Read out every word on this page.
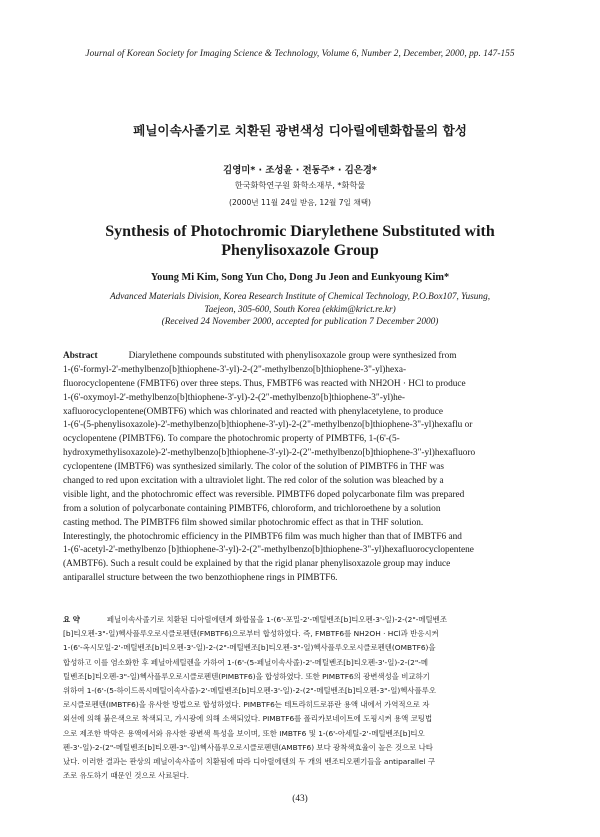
Journal of Korean Society for Imaging Science & Technology, Volume 6, Number 2, December, 2000, pp. 147-155
페닐이속사졸기로 치환된 광변색성 디아릴에텐화합물의 합성
김영미* · 조성윤 · 전동주* · 김은경*
한국화학연구원 화학소재부, *화학물
(2000년 11월 24일 받음, 12월 7일 채택)
Synthesis of Photochromic Diarylethene Substituted with
Phenylisoxazole Group
Young Mi Kim, Song Yun Cho, Dong Ju Jeon and Eunkyoung Kim*
Advanced Materials Division, Korea Research Institute of Chemical Technology, P.O.Box107, Yusung,
Taejeon, 305-600, South Korea (ekkim@krict.re.kr)
(Received 24 November 2000, accepted for publication 7 December 2000)
Abstract	Diarylethene compounds substituted with phenylisoxazole group were synthesized from
1-(6'-formyl-2'-methylbenzo[b]thiophene-3'-yl)-2-(2"-methylbenzo[b]thiophene-3"-yl)hexa-
fluorocyclopentene (FMBTF6) over three steps. Thus, FMBTF6 was reacted with NH2OH · HCl to produce
1-(6'-oxymoyl-2'-methylbenzo[b]thiophene-3'-yl)-2-(2"-methylbenzo[b]thiophene-3"-yl)he-
xafluorocyclopentene(OMBTF6) which was chlorinated and reacted with phenylacetylene, to produce
1-(6'-(5-phenylisoxazole)-2'-methylbenzo[b]thiophene-3'-yl)-2-(2"-methylbenzo[b]thiophene-3"-yl)hexaflu or
ocyclopentene (PIMBTF6). To compare the photochromic property of PIMBTF6, 1-(6'-(5-
hydroxymethylisoxazole)-2'-methylbenzo[b]thiophene-3'-yl)-2-(2"-methylbenzo[b]thiophene-3"-yl)hexafluoro
cyclopentene (IMBTF6) was synthesized similarly. The color of the solution of PIMBTF6 in THF was
changed to red upon excitation with a ultraviolet light. The red color of the solution was bleached by a
visible light, and the photochromic effect was reversible. PIMBTF6 doped polycarbonate film was prepared
from a solution of polycarbonate containing PIMBTF6, chloroform, and trichloroethene by a solution
casting method. The PIMBTF6 film showed similar photochromic effect as that in THF solution.
Interestingly, the photochromic efficiency in the PIMBTF6 film was much higher than that of IMBTF6 and
1-(6'-acetyl-2'-methylbenzo [b]thiophene-3'-yl)-2-(2"-methylbenzo[b]thiophene-3"-yl)hexafluorocyclopentene
(AMBTF6). Such a result could be explained by that the rigid planar phenylisoxazole group may induce
antiparallel structure between the two benzothiophene rings in PIMBTF6.
요 약	페닐이속사졸기로 치환된 디아릴에텐계 화합물을 1-(6'-포밀-2'-메틸벤조[b]티오펜-3'-일)-2-(2"-메틸벤조
[b]티오펜-3"-일)헥사플루오로시클로펜텐(FMBTF6)으로부터 합성하였다. 즉, FMBTF6를 NH2OH · HCl과 반응시켜
1-(6'-옥시모일-2'-메틸벤조[b]티오펜-3'-일)-2-(2"-메틸벤조[b]티오펜-3"-일)헥사플루오로시클로펜텐(OMBTF6)을
합성하고 이를 염소화한 후 페닐아세틸렌을 가하여 1-(6'-(5-페닐이속사졸)-2'-메틸벤조[b]티오펜-3'-일)-2-(2"-메
틸벤조[b]티오펜-3"-일)헥사플루오로시클로펜텐(PIMBTF6)을 합성하였다. 또한 PIMBTF6의 광변색성을 비교하기
위하여 1-(6'-(5-하이드록시메틸이속사졸)-2'-메틸벤조[b]티오펜-3'-일)-2-(2"-메틸벤조[b]티오펜-3"-일)헥사플루오
로시클로펜텐(IMBTF6)을 유사한 방법으로 합성하였다. PIMBTF6는 테트라히드로퓨란 용액 내에서 가역적으로 자
외선에 의해 붉은색으로 착색되고, 가시광에 의해 소색되었다. PIMBTF6를 폴리카보네이트에 도핑시켜 용액 코팅법
으로 제조한 박막은 용액에서와 유사한 광변색 특성을 보이며, 또한 IMBTF6 및 1-(6'-아세틸-2'-메틸벤조[b]티오
펜-3'-일)-2-(2"-메틸벤조[b]티오펜-3"-일)헥사플루오로시클로펜텐(AMBTF6) 보다 광착색효율이 높은 것으로 나타
났다. 이러한 결과는 판상의 페닐이속사졸이 치환됨에 따라 디아릴에텐의 두 개의 벤조티오펜기들을 antiparallel 구
조로 유도하기 때문인 것으로 사료된다.
(43)
